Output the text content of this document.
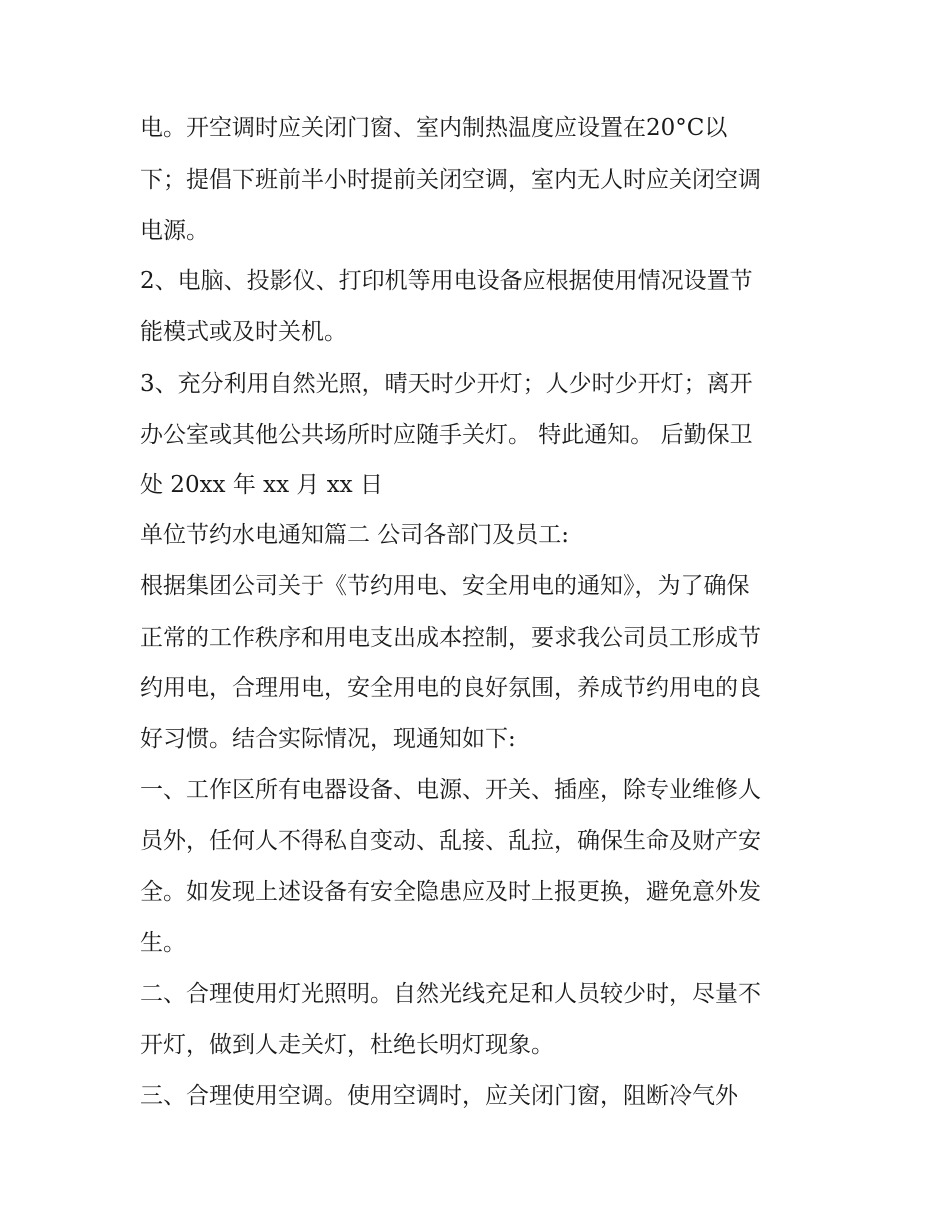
电。开空调时应关闭门窗、室内制热温度应设置在20°C以
下；提倡下班前半小时提前关闭空调，室内无人时应关闭空调
电源。
2、电脑、投影仪、打印机等用电设备应根据使用情况设置节
能模式或及时关机。
3、充分利用自然光照，晴天时少开灯；人少时少开灯；离开
办公室或其他公共场所时应随手关灯。 特此通知。 后勤保卫
处 20xx 年 xx 月 xx 日
单位节约水电通知篇二 公司各部门及员工:
根据集团公司关于《节约用电、安全用电的通知》，为了确保
正常的工作秩序和用电支出成本控制，要求我公司员工形成节
约用电，合理用电，安全用电的良好氛围，养成节约用电的良
好习惯。结合实际情况，现通知如下:
一、工作区所有电器设备、电源、开关、插座，除专业维修人
员外，任何人不得私自变动、乱接、乱拉，确保生命及财产安
全。如发现上述设备有安全隐患应及时上报更换，避免意外发
生。
二、合理使用灯光照明。自然光线充足和人员较少时，尽量不
开灯，做到人走关灯，杜绝长明灯现象。
三、合理使用空调。使用空调时，应关闭门窗，阻断冷气外
